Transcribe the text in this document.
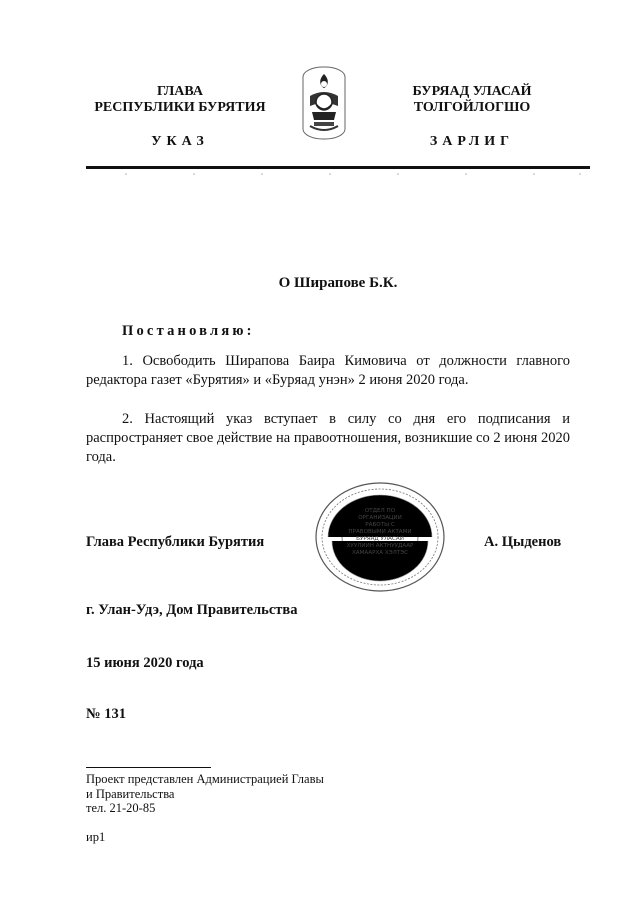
ГЛАВА
РЕСПУБЛИКИ БУРЯТИЯ
УКАЗ
БУРЯАД УЛАСАЙ
ТОЛГОЙЛОГШО
ЗАРЛИГ
О Ширапове Б.К.
Постановляю:
1. Освободить Ширапова Баира Кимовича от должности главного редактора газет «Бурятия» и «Буряад унэн» 2 июня 2020 года.
2. Настоящий указ вступает в силу со дня его подписания и распространяет свое действие на правоотношения, возникшие со 2 июня 2020 года.
Глава Республики Бурятия	А. Цыденов
ОТДЕЛ ПО ОРГАНИЗАЦИИ РАБОТЫ С ПРАВОВЫМИ АКТАМИ БУРЯАД УЛАСАЙ ХУУЛИИН АКТНУУДААР ХАМААРХА ХЭЛТЭС
г. Улан-Удэ, Дом Правительства
15 июня 2020 года
№ 131
Проект представлен Администрацией Главы
и Правительства
тел. 21-20-85
ир1
